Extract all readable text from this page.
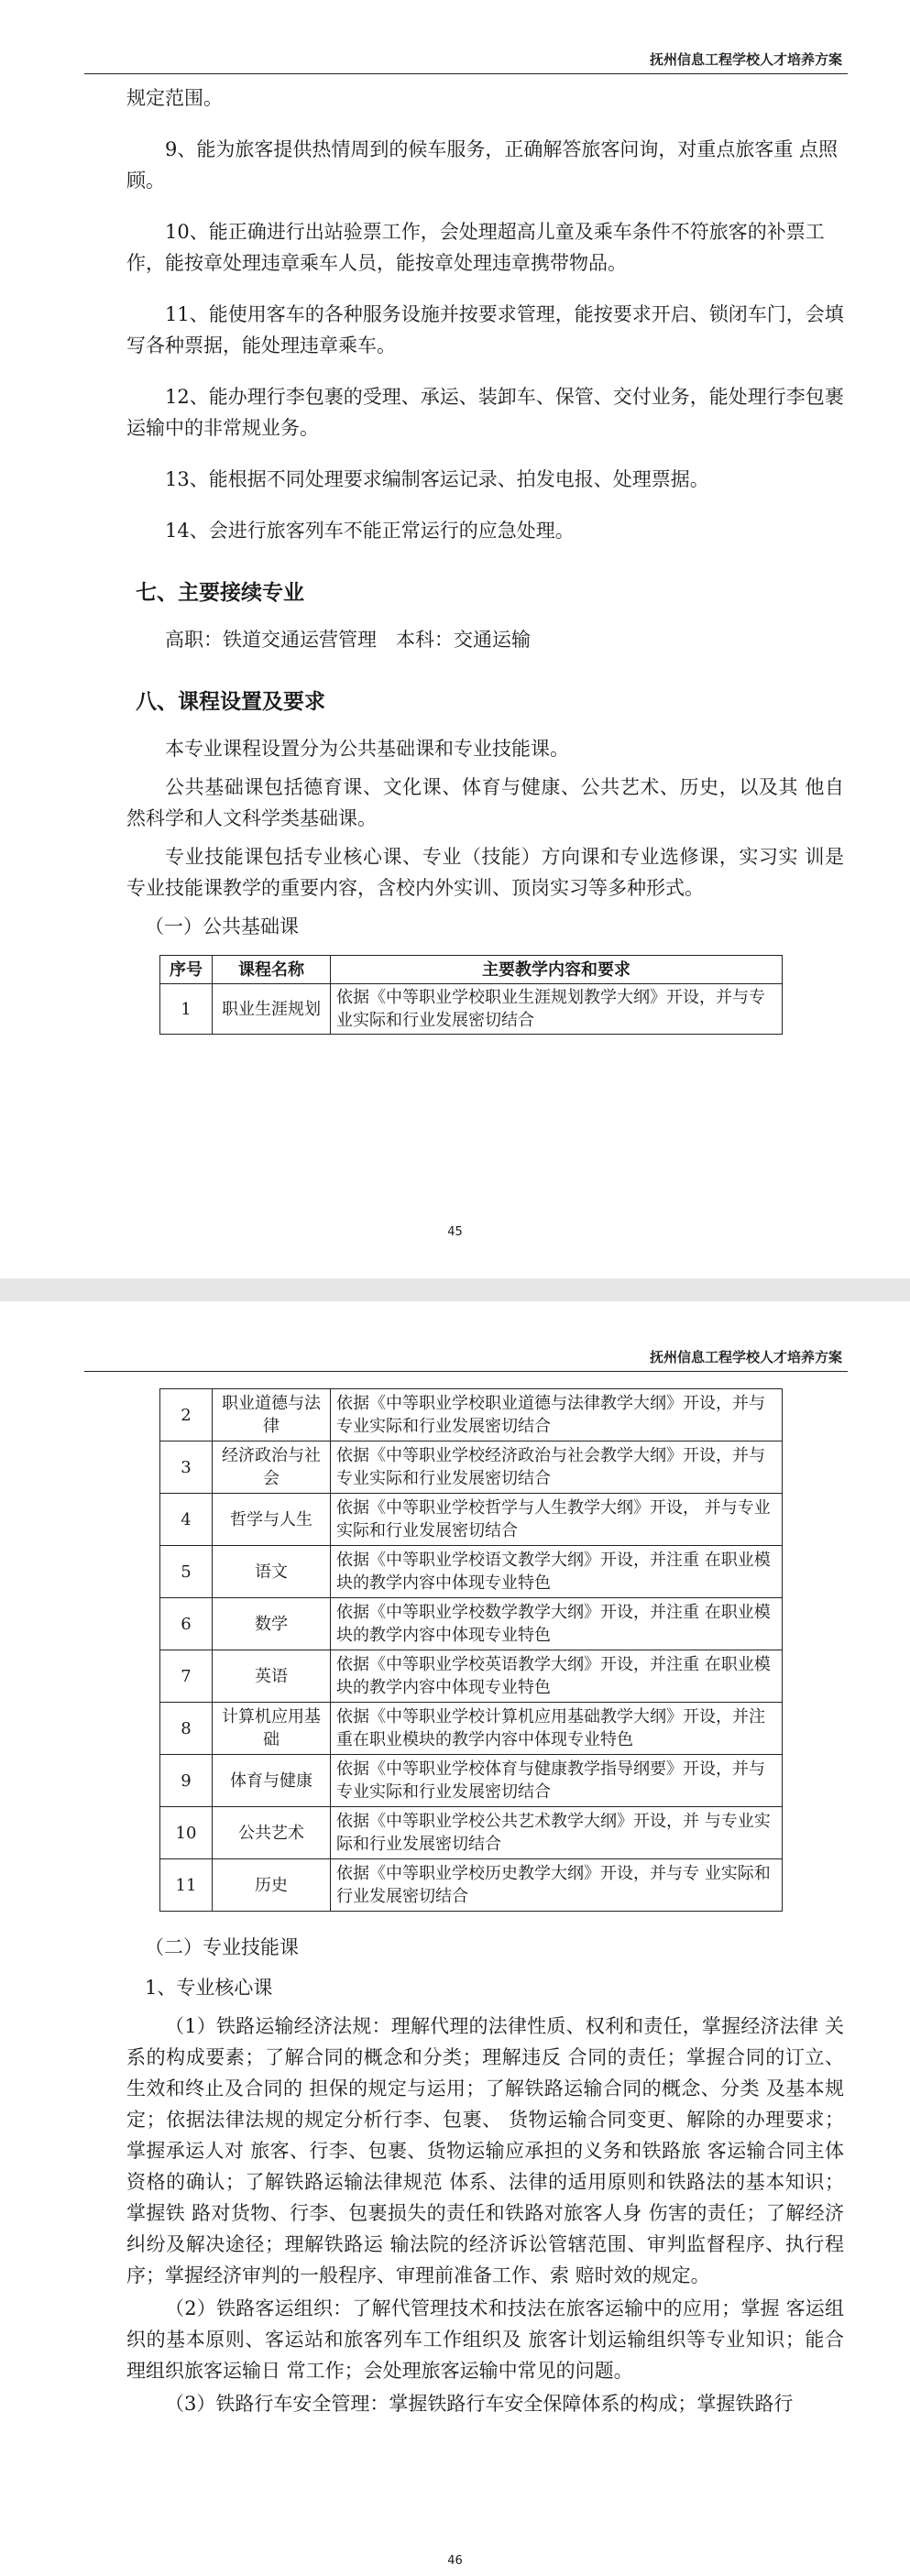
抚州信息工程学校人才培养方案

规定范围。

9、能为旅客提供热情周到的候车服务，正确解答旅客问询，对重点旅客重 点照顾。

10、能正确进行出站验票工作，会处理超高儿童及乘车条件不符旅客的补票工作，能按章处理违章乘车人员，能按章处理违章携带物品。

11、能使用客车的各种服务设施并按要求管理，能按要求开启、锁闭车门，会填写各种票据，能处理违章乘车。

12、能办理行李包裹的受理、承运、装卸车、保管、交付业务，能处理行李包裹运输中的非常规业务。

13、能根据不同处理要求编制客运记录、拍发电报、处理票据。

14、会进行旅客列车不能正常运行的应急处理。

七、主要接续专业

高职：铁道交通运营管理　本科：交通运输

八、课程设置及要求

本专业课程设置分为公共基础课和专业技能课。

公共基础课包括德育课、文化课、体育与健康、公共艺术、历史，以及其 他自然科学和人文科学类基础课。

专业技能课包括专业核心课、专业（技能）方向课和专业选修课，实习实 训是专业技能课教学的重要内容，含校内外实训、顶岗实习等多种形式。

（一）公共基础课

序号	课程名称	主要教学内容和要求
1	职业生涯规划	依据《中等职业学校职业生涯规划教学大纲》开设，并与专业实际和行业发展密切结合
45
抚州信息工程学校人才培养方案
2	职业道德与法律	依据《中等职业学校职业道德与法律教学大纲》开设，并与专业实际和行业发展密切结合
3	经济政治与社会	依据《中等职业学校经济政治与社会教学大纲》开设，并与专业实际和行业发展密切结合
4	哲学与人生	依据《中等职业学校哲学与人生教学大纲》开设， 并与专业实际和行业发展密切结合
5	语文	依据《中等职业学校语文教学大纲》开设，并注重 在职业模块的教学内容中体现专业特色
6	数学	依据《中等职业学校数学教学大纲》开设，并注重 在职业模块的教学内容中体现专业特色
7	英语	依据《中等职业学校英语教学大纲》开设，并注重 在职业模块的教学内容中体现专业特色
8	计算机应用基础	依据《中等职业学校计算机应用基础教学大纲》开设，并注重在职业模块的教学内容中体现专业特色
9	体育与健康	依据《中等职业学校体育与健康教学指导纲要》开设，并与专业实际和行业发展密切结合
10	公共艺术	依据《中等职业学校公共艺术教学大纲》开设，并 与专业实际和行业发展密切结合
11	历史	依据《中等职业学校历史教学大纲》开设，并与专 业实际和行业发展密切结合

（二）专业技能课

1、专业核心课

（1）铁路运输经济法规：理解代理的法律性质、权利和责任，掌握经济法律 关系的构成要素；了解合同的概念和分类；理解违反 合同的责任；掌握合同的订立、生效和终止及合同的 担保的规定与运用；了解铁路运输合同的概念、分类 及基本规定；依据法律法规的规定分析行李、包裹、 货物运输合同变更、解除的办理要求；掌握承运人对 旅客、行李、包裹、货物运输应承担的义务和铁路旅 客运输合同主体资格的确认；了解铁路运输法律规范 体系、法律的适用原则和铁路法的基本知识；掌握铁 路对货物、行李、包裹损失的责任和铁路对旅客人身 伤害的责任；了解经济纠纷及解决途径；理解铁路运 输法院的经济诉讼管辖范围、审判监督程序、执行程 序；掌握经济审判的一般程序、审理前准备工作、索 赔时效的规定。

（2）铁路客运组织：了解代管理技术和技法在旅客运输中的应用；掌握 客运组织的基本原则、客运站和旅客列车工作组织及 旅客计划运输组织等专业知识；能合理组织旅客运输日 常工作；会处理旅客运输中常见的问题。

（3）铁路行车安全管理：掌握铁路行车安全保障体系的构成；掌握铁路行

46
